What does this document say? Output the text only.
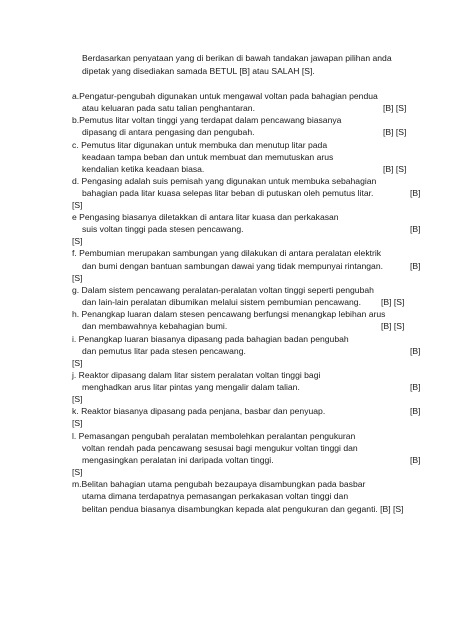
Berdasarkan penyataan yang di berikan di bawah tandakan jawapan pilihan anda
dipetak yang disediakan samada BETUL [B] atau SALAH [S].
a.Pengatur-pengubah digunakan untuk mengawal voltan pada bahagian pendua
atau keluaran pada satu talian penghantaran.	[B] [S]
b.Pemutus litar voltan tinggi yang terdapat dalam pencawang biasanya
dipasang di antara pengasing dan pengubah.	[B] [S]
c. Pemutus litar digunakan untuk membuka dan menutup litar pada
keadaan tampa beban dan untuk membuat dan memutuskan arus
kendalian ketika keadaan biasa.	[B] [S]
d. Pengasing adalah suis pemisah yang digunakan untuk membuka sebahagian
bahagian pada litar kuasa selepas litar beban di putuskan oleh pemutus litar.	[B]
[S]
e Pengasing biasanya diletakkan di antara litar kuasa dan perkakasan
suis voltan tinggi pada stesen pencawang.	[B]
[S]
f. Pembumian merupakan sambungan yang dilakukan di antara peralatan elektrik
dan bumi dengan bantuan sambungan dawai yang tidak mempunyai rintangan.	[B]
[S]
g. Dalam sistem pencawang peralatan-peralatan voltan tinggi seperti pengubah
dan lain-lain peralatan dibumikan melalui sistem pembumian pencawang. [B] [S]
h. Penangkap luaran dalam stesen pencawang berfungsi menangkap lebihan arus
dan membawahnya kebahagian bumi.	[B] [S]
i. Penangkap luaran biasanya dipasang pada bahagian badan pengubah
dan pemutus litar pada stesen pencawang.	[B]
[S]
j. Reaktor dipasang dalam litar sistem peralatan voltan tinggi bagi
menghadkan arus litar pintas yang mengalir dalam talian.	[B]
[S]
k. Reaktor biasanya dipasang pada penjana, basbar dan penyuap.	[B]
[S]
l. Pemasangan pengubah peralatan membolehkan peralantan pengukuran
voltan rendah pada pencawang sesusai bagi mengukur voltan tinggi dan
mengasingkan peralatan ini daripada voltan tinggi.	[B]
[S]
m.Belitan bahagian utama pengubah bezaupaya disambungkan pada basbar
utama dimana terdapatnya pemasangan perkakasan voltan tinggi dan
belitan pendua biasanya disambungkan kepada alat pengukuran dan geganti. [B] [S]
